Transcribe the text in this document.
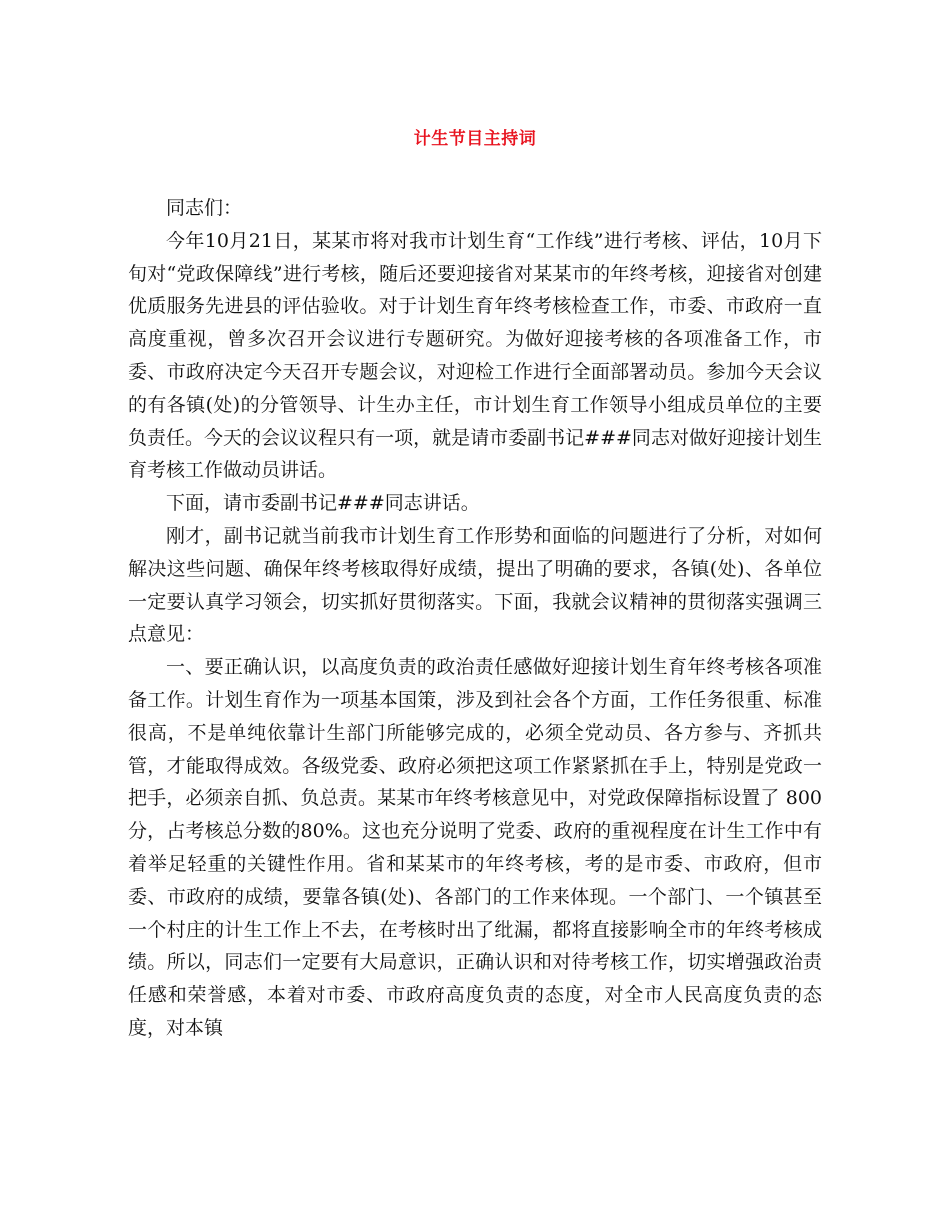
计生节目主持词

同志们：

今年10月21日，某某市将对我市计划生育“工作线”进行考核、评估，10月下旬对“党政保障线”进行考核，随后还要迎接省对某某市的年终考核，迎接省对创建优质服务先进县的评估验收。对于计划生育年终考核检查工作，市委、市政府一直高度重视，曾多次召开会议进行专题研究。为做好迎接考核的各项准备工作，市委、市政府决定今天召开专题会议，对迎检工作进行全面部署动员。参加今天会议的有各镇(处)的分管领导、计生办主任，市计划生育工作领导小组成员单位的主要负责任。今天的会议议程只有一项，就是请市委副书记###同志对做好迎接计划生育考核工作做动员讲话。

下面，请市委副书记###同志讲话。

刚才，副书记就当前我市计划生育工作形势和面临的问题进行了分析，对如何解决这些问题、确保年终考核取得好成绩，提出了明确的要求，各镇(处)、各单位一定要认真学习领会，切实抓好贯彻落实。下面，我就会议精神的贯彻落实强调三点意见：

一、要正确认识，以高度负责的政治责任感做好迎接计划生育年终考核各项准备工作。计划生育作为一项基本国策，涉及到社会各个方面，工作任务很重、标准很高，不是单纯依靠计生部门所能够完成的，必须全党动员、各方参与、齐抓共管，才能取得成效。各级党委、政府必须把这项工作紧紧抓在手上，特别是党政一把手，必须亲自抓、负总责。某某市年终考核意见中，对党政保障指标设置了 800分，占考核总分数的80%。这也充分说明了党委、政府的重视程度在计生工作中有着举足轻重的关键性作用。省和某某市的年终考核，考的是市委、市政府，但市委、市政府的成绩，要靠各镇(处)、各部门的工作来体现。一个部门、一个镇甚至一个村庄的计生工作上不去，在考核时出了纰漏，都将直接影响全市的年终考核成绩。所以，同志们一定要有大局意识，正确认识和对待考核工作，切实增强政治责任感和荣誉感，本着对市委、市政府高度负责的态度，对全市人民高度负责的态度，对本镇
